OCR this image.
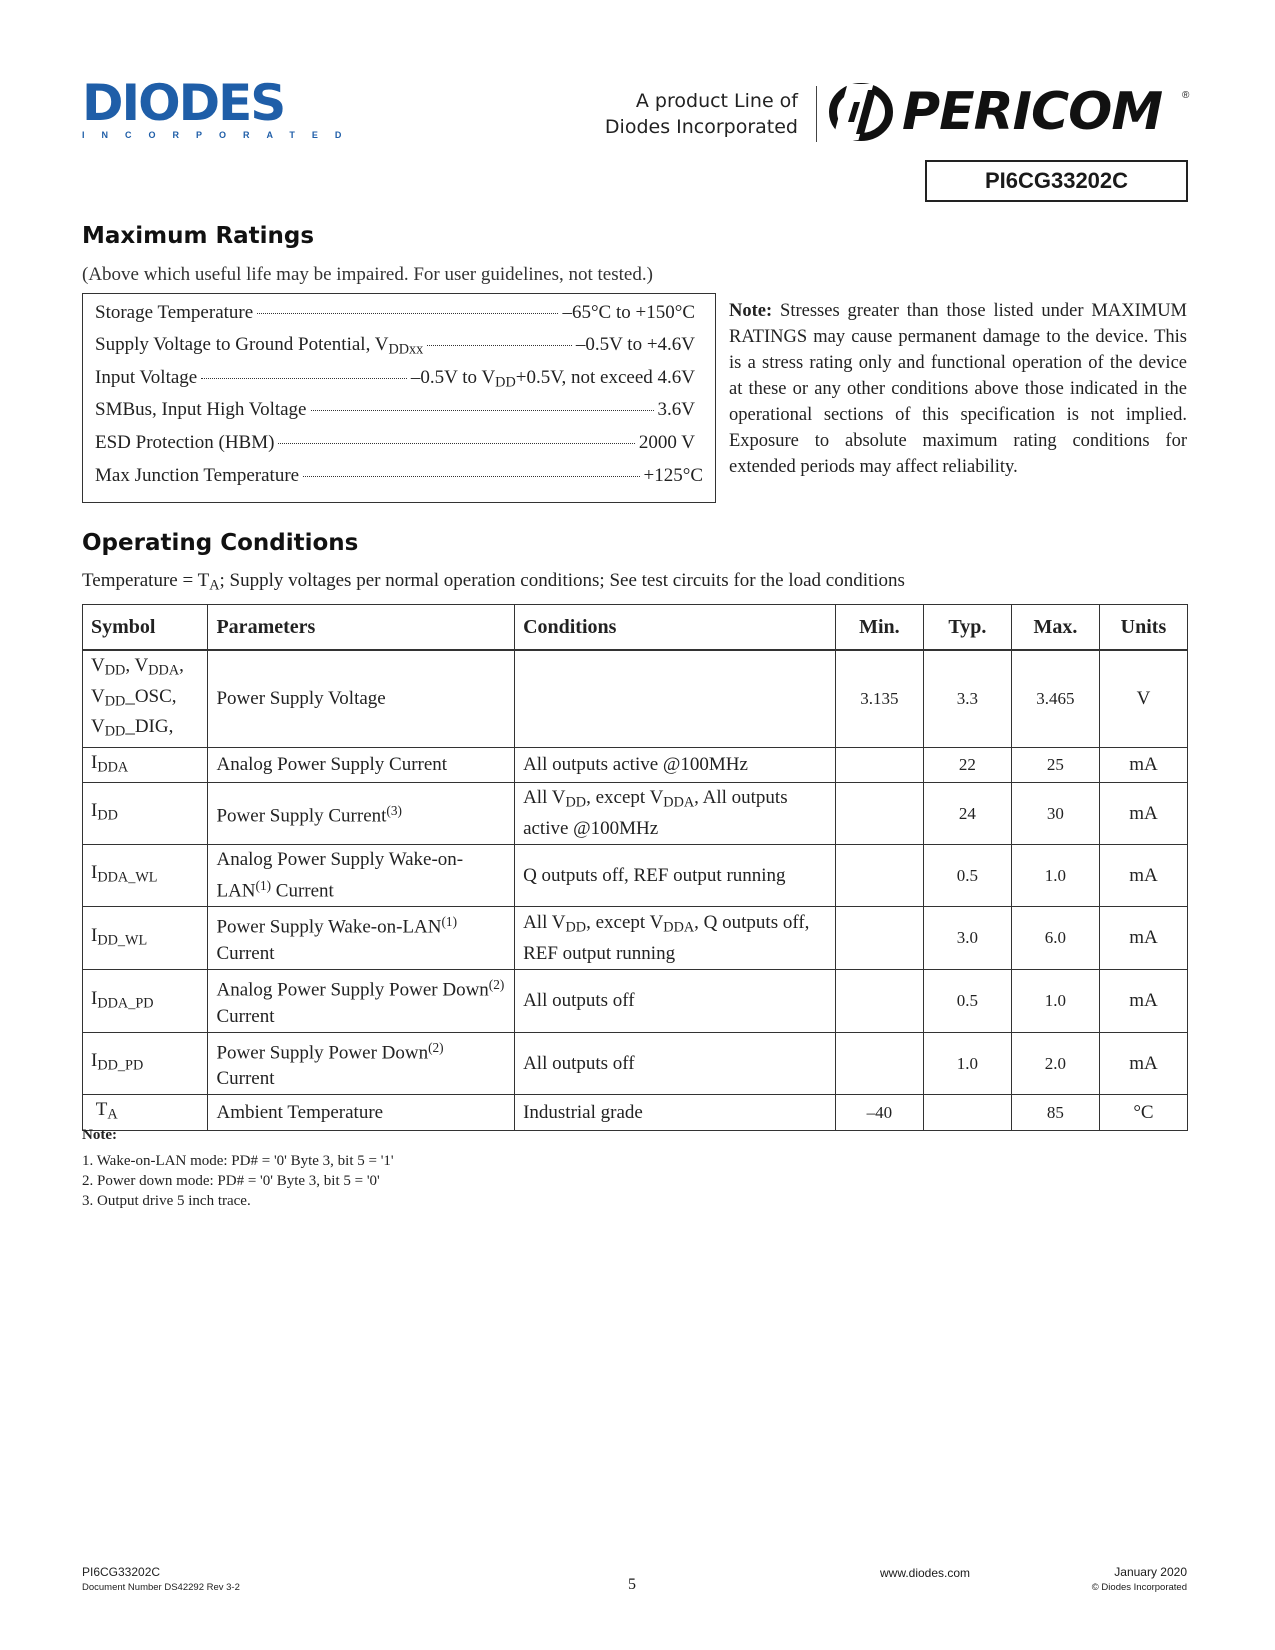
DIODES
INCORPORATED
A product Line of
Diodes Incorporated PERICOM ®
PI6CG33202C
Maximum Ratings
(Above which useful life may be impaired. For user guidelines, not tested.)
Storage Temperature	–65°C to +150°C
Supply Voltage to Ground Potential, $V_{DDxx}$	–0.5V to +4.6V
Input Voltage	–0.5V to $V_{DD}+0.5V$, not exceed 4.6V
SMBus, Input High Voltage	3.6V
ESD Protection (HBM)	2000 V
Max Junction Temperature	+125°C
Note: Stresses greater than those listed under MAXIMUM RATINGS may cause permanent damage to the device. This is a stress rating only and functional operation of the device at these or any other conditions above those indicated in the operational sections of this specification is not implied. Exposure to absolute maximum rating conditions for extended periods may affect reliability.
Operating Conditions
Temperature = $T_A$; Supply voltages per normal operation conditions; See test circuits for the load conditions
Symbol	Parameters	Conditions	Min.	Typ.	Max.	Units
$V_{DD}$, $V_{DDA}$,
$V_{DD}\_OSC$,
$V_{DD}\_DIG$,	Power Supply Voltage		3.135	3.3	3.465	V
$I_{DDA}$	Analog Power Supply Current	All outputs active @100MHz		22	25	mA
$I_{DD}$	Power Supply Current$^{(3)}$	All $V_{DD}$, except $V_{DDA}$, All outputs active @100MHz		24	30	mA
$I_{DDA\_WL}$	Analog Power Supply Wake-on-LAN$^{(1)}$ Current	Q outputs off, REF output running		0.5	1.0	mA
$I_{DD\_WL}$	Power Supply Wake-on-LAN$^{(1)}$ Current	All $V_{DD}$, except $V_{DDA}$, Q outputs off, REF output running		3.0	6.0	mA
$I_{DDA\_PD}$	Analog Power Supply Power Down$^{(2)}$ Current	All outputs off		0.5	1.0	mA
$I_{DD\_PD}$	Power Supply Power Down$^{(2)}$ Current	All outputs off		1.0	2.0	mA
$T_A$	Ambient Temperature	Industrial grade	–40		85	°C
Note:
1. Wake-on-LAN mode: PD# = '0' Byte 3, bit 5 = '1'
2. Power down mode: PD# = '0' Byte 3, bit 5 = '0'
3. Output drive 5 inch trace.
PI6CG33202C
Document Number DS42292 Rev 3-2	5
www.diodes.com	January 2020
© Diodes Incorporated
